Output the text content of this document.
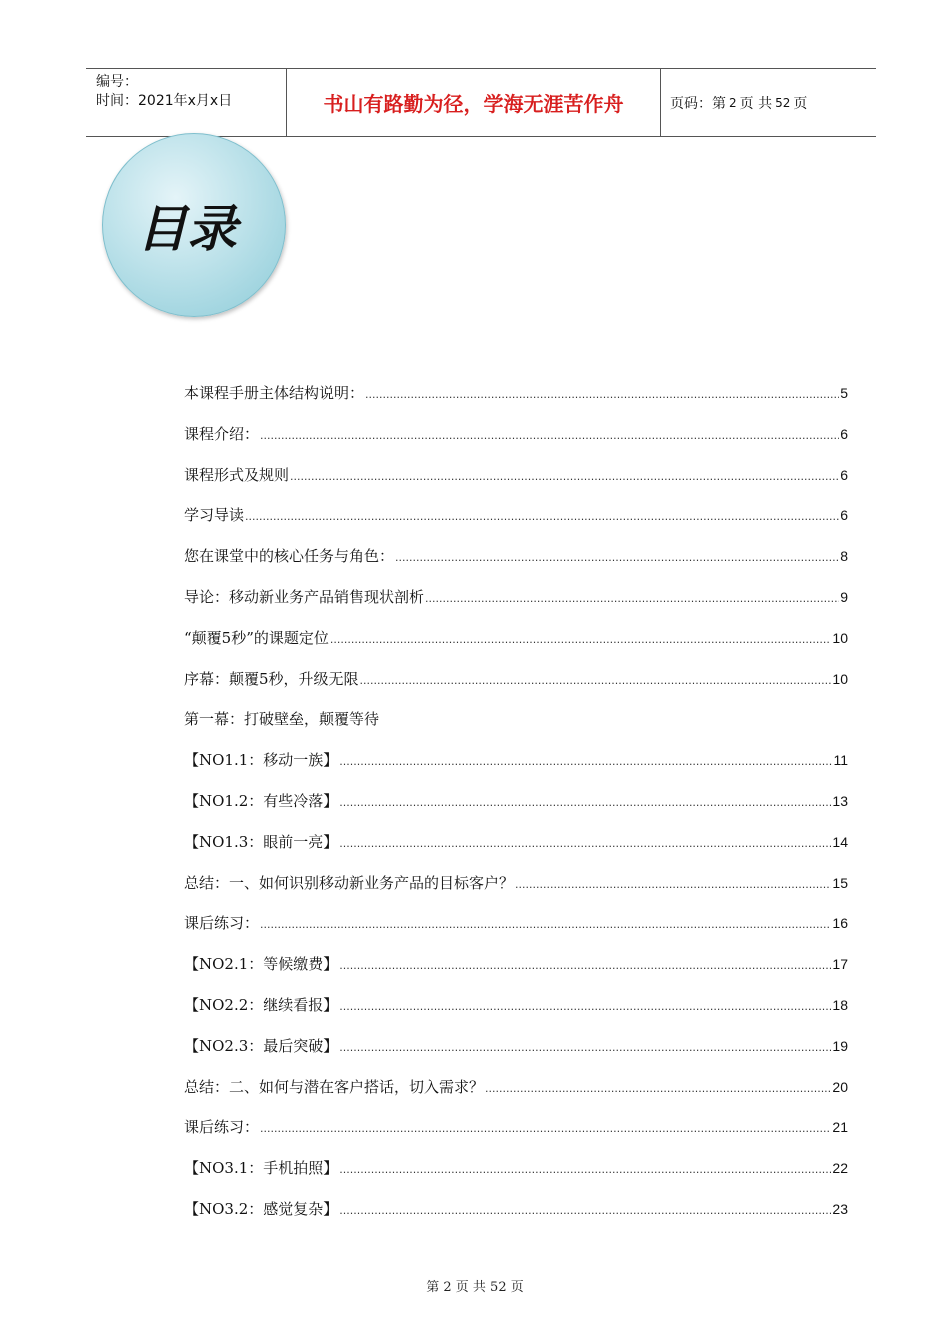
编号：
时间：2021年x月x日	书山有路勤为径，学海无涯苦作舟	页码：第 2 页 共 52 页
目录
本课程手册主体结构说明： .....	5
课程介绍： .....	6
课程形式及规则 .....	6
学习导读 .....	6
您在课堂中的核心任务与角色： .....	8
导论：移动新业务产品销售现状剖析 .....	9
“颠覆5秒”的课题定位 .....	10
序幕：颠覆5秒，升级无限 .....	10
第一幕：打破壁垒，颠覆等待
【NO1.1：移动一族】 .....	11
【NO1.2：有些冷落】 .....	13
【NO1.3：眼前一亮】 .....	14
总结：一、如何识别移动新业务产品的目标客户？ .....	15
课后练习： .....	16
【NO2.1：等候缴费】 .....	17
【NO2.2：继续看报】 .....	18
【NO2.3：最后突破】 .....	19
总结：二、如何与潜在客户搭话，切入需求？ .....	20
课后练习： .....	21
【NO3.1：手机拍照】 .....	22
【NO3.2：感觉复杂】 .....	23
第 2 页 共 52 页
